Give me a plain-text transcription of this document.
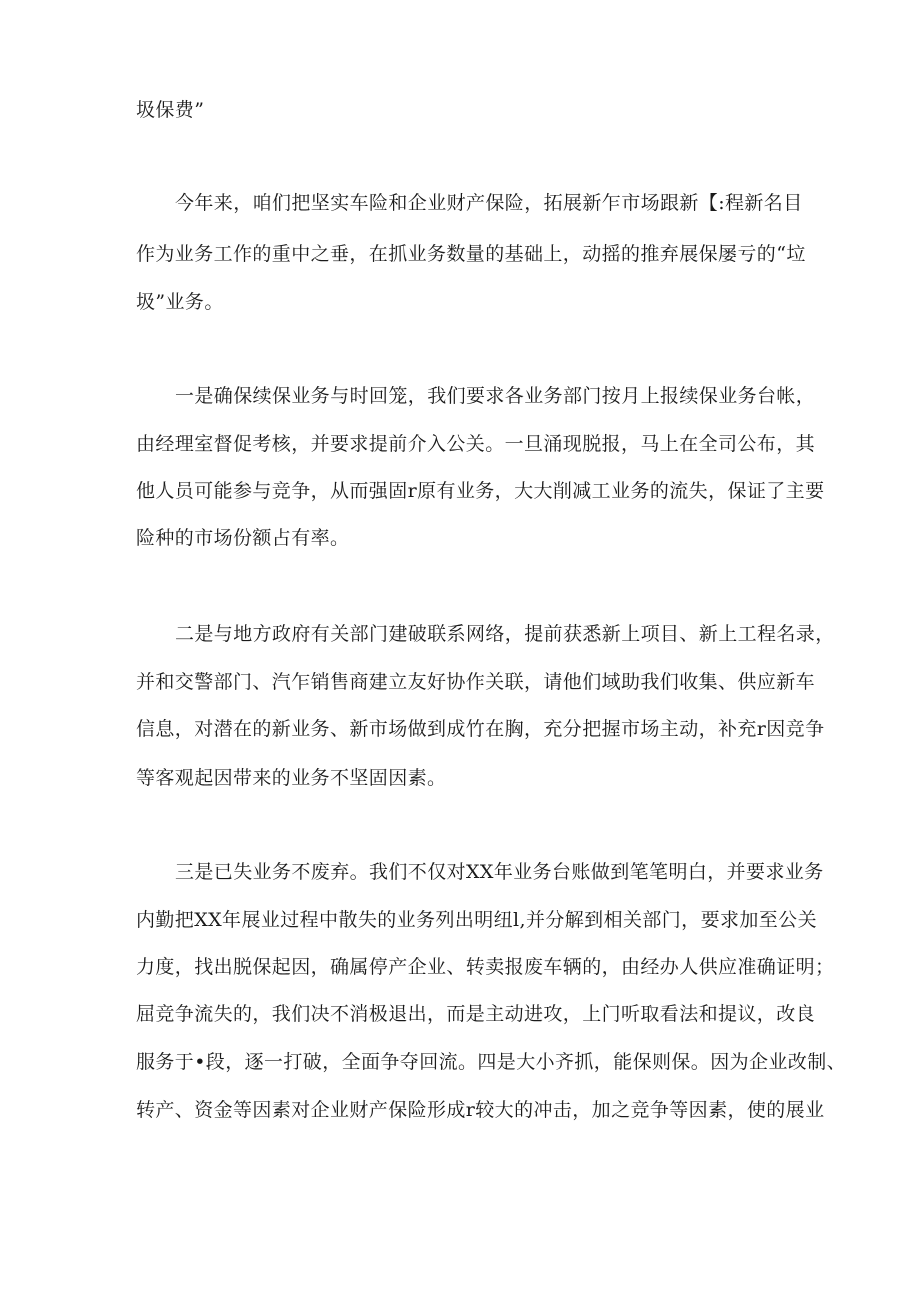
圾保费”

今年来，咱们把坚实车险和企业财产保险，拓展新乍市场跟新【:程新名目

作为业务工作的重中之垂，在抓业务数量的基础上，动摇的推弃展保屡亏的“垃

圾”业务。

一是确保续保业务与时回笼，我们要求各业务部门按月上报续保业务台帐，

由经理室督促考核，并要求提前介入公关。一旦涌现脱报，马上在全司公布，其

他人员可能参与竞争，从而强固r原有业务，大大削减工业务的流失，保证了主要

险种的市场份额占有率。

二是与地方政府有关部门建破联系网络，提前获悉新上项目、新上工程名录，

并和交警部门、汽乍销售商建立友好协作关联，请他们域助我们收集、供应新车

信息，对潜在的新业务、新市场做到成竹在胸，充分把握市场主动，补充r因竞争

等客观起因带来的业务不坚固因素。

三是已失业务不废弃。我们不仅对XX年业务台账做到笔笔明白，并要求业务

内勤把XX年展业过程中散失的业务列出明纽l,并分解到相关部门，要求加至公关

力度，找出脱保起因，确属停产企业、转卖报废车辆的，由经办人供应准确证明；

屈竞争流失的，我们决不消极退出，而是主动进攻，上门听取看法和提议，改良

服务于•段，逐一打破，全面争夺回流。四是大小齐抓，能保则保。因为企业改制、

转产、资金等因素对企业财产保险形成r较大的冲击，加之竞争等因素，使的展业
